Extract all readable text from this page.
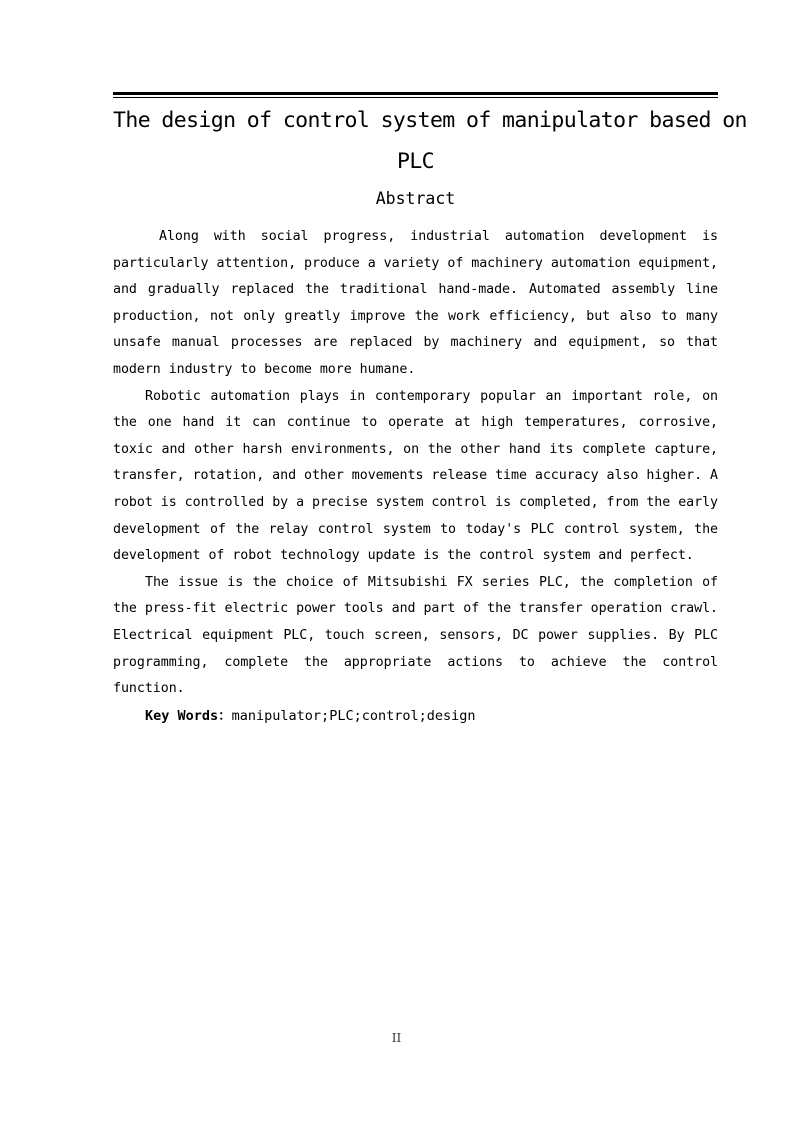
The design of control system of manipulator based on
PLC
Abstract

Along with social progress, industrial automation development is particularly attention, produce a variety of machinery automation equipment, and gradually replaced the traditional hand-made. Automated assembly line production, not only greatly improve the work efficiency, but also to many unsafe manual processes are replaced by machinery and equipment, so that modern industry to become more humane.

Robotic automation plays in contemporary popular an important role, on the one hand it can continue to operate at high temperatures, corrosive, toxic and other harsh environments, on the other hand its complete capture, transfer, rotation, and other movements release time accuracy also higher. A robot is controlled by a precise system control is completed, from the early development of the relay control system to today's PLC control system, the development of robot technology update is the control system and perfect.

The issue is the choice of Mitsubishi FX series PLC, the completion of the press-fit electric power tools and part of the transfer operation crawl. Electrical equipment PLC, touch screen, sensors, DC power supplies. By PLC programming, complete the appropriate actions to achieve the control function.

Key Words：manipulator;PLC;control;design
II
